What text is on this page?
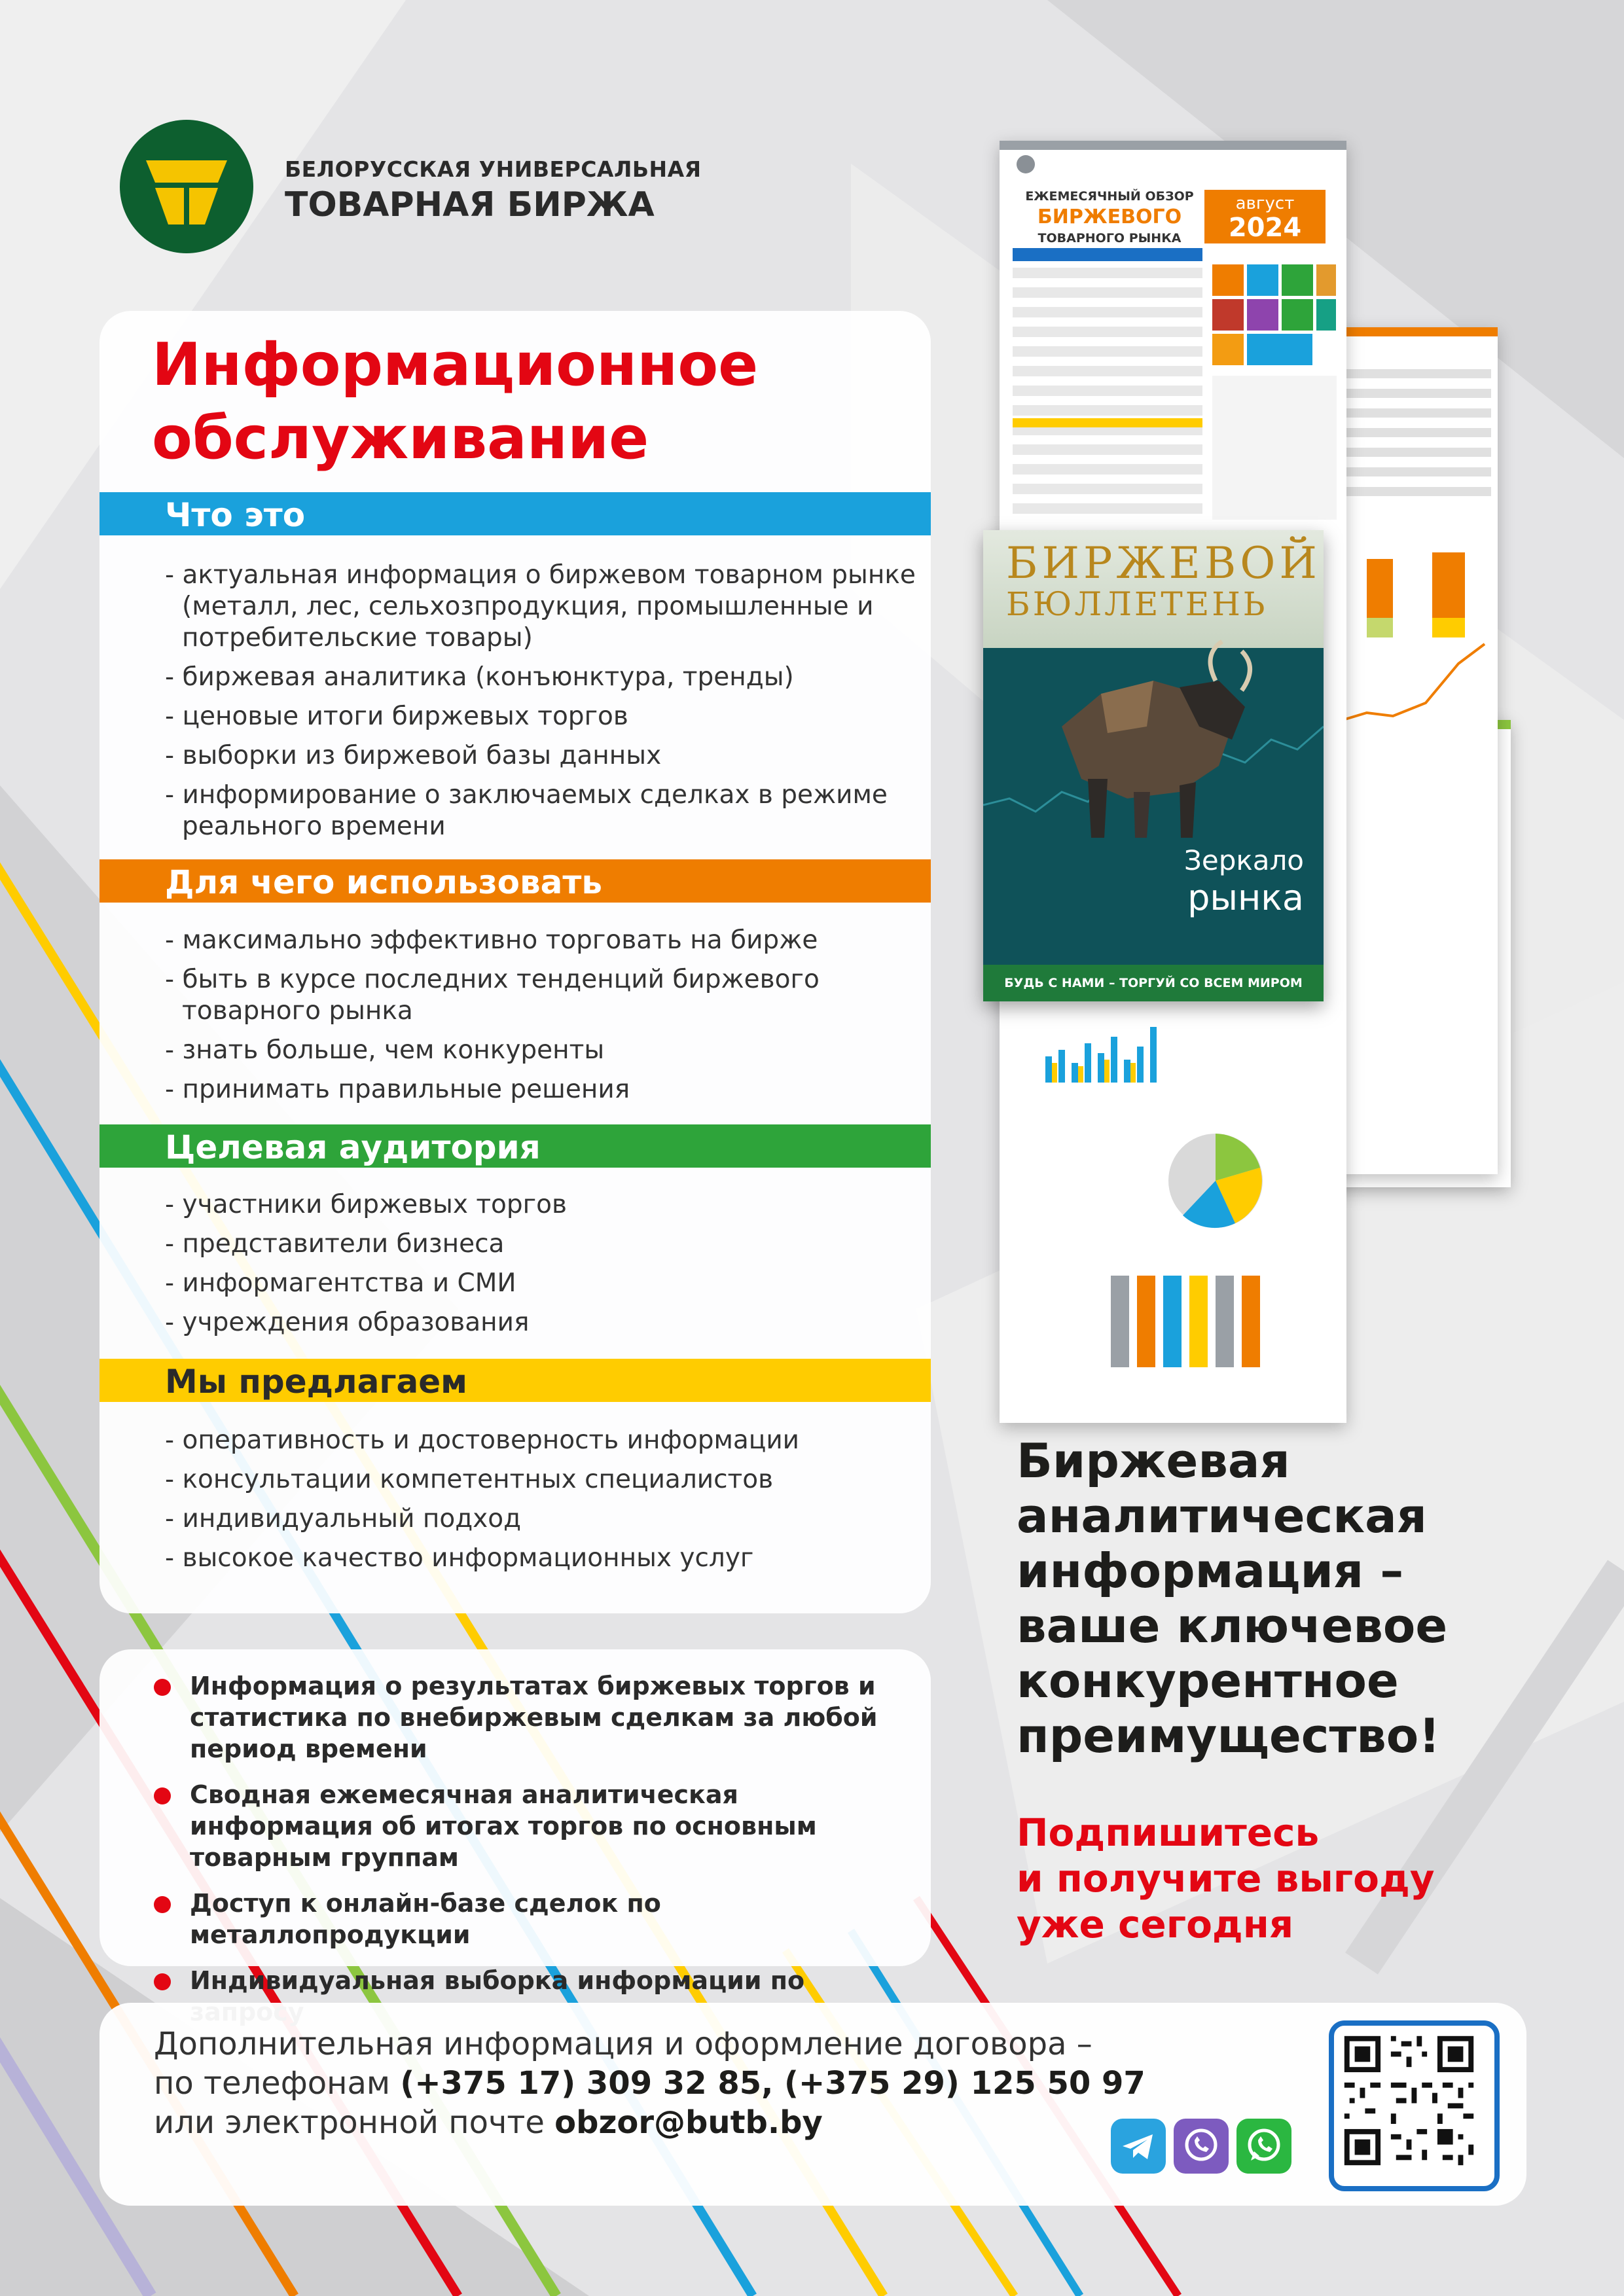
БЕЛОРУССКАЯ УНИВЕРСАЛЬНАЯ
ТОВАРНАЯ БИРЖА
Информационное
обслуживание
Что это
- актуальная информация о биржевом товарном рынке (металл, лес, сельхозпродукция, промышленные и потребительские товары)
- биржевая аналитика (конъюнктура, тренды)
- ценовые итоги биржевых торгов
- выборки из биржевой базы данных
- информирование о заключаемых сделках в режиме реального времени
Для чего использовать
- максимально эффективно торговать на бирже
- быть в курсе последних тенденций биржевого товарного рынка
- знать больше, чем конкуренты
- принимать правильные решения
Целевая аудитория
- участники биржевых торгов
- представители бизнеса
- информагентства и СМИ
- учреждения образования
Мы предлагаем
- оперативность и достоверность информации
- консультации компетентных специалистов
- индивидуальный подход
- высокое качество информационных услуг
Информация о результатах биржевых торгов и статистика по внебиржевым сделкам за любой период времени
Сводная ежемесячная аналитическая информация об итогах торгов по основным товарным группам
Доступ к онлайн-базе сделок по металлопродукции
Индивидуальная выборка информации по
ЕЖЕМЕСЯЧНЫЙ ОБЗОР
БИРЖЕВОГО
ТОВАРНОГО РЫНКА
август
2024
БИРЖЕВОЙ
БЮЛЛЕТЕНЬ
Зеркало
рынка
БУДЬ С НАМИ – ТОРГУЙ СО ВСЕМ МИРОМ
Биржевая
аналитическая
информация –
ваше ключевое
конкурентное
преимущество!

Подпишитесь
и получите выгоду
уже сегодня

Дополнительная информация и оформление договора –
по телефонам (+375 17) 309 32 85, (+375 29) 125 50 97
или электронной почте obzor@butb.by
